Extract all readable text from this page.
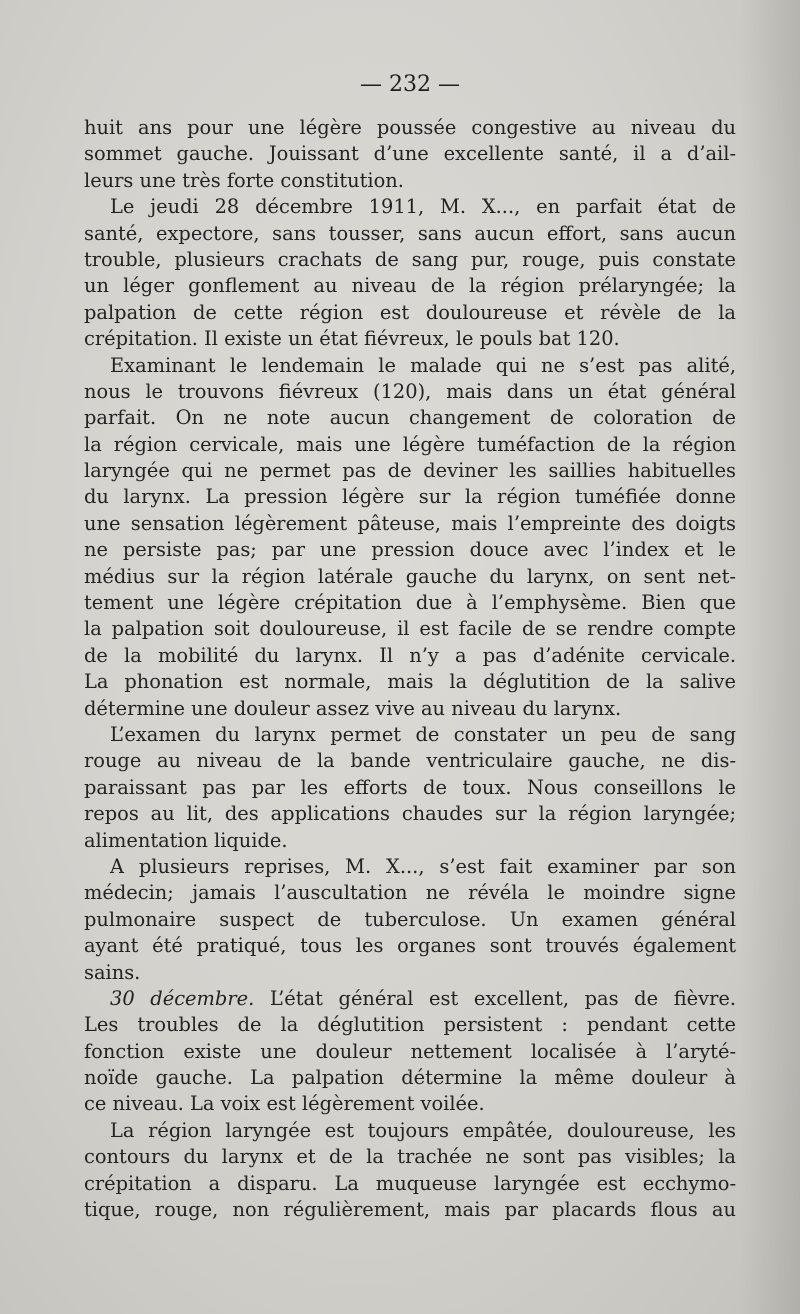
— 232 —
huit ans pour une légère poussée congestive au niveau du
sommet gauche. Jouissant d’une excellente santé, il a d’ail-
leurs une très forte constitution.
Le jeudi 28 décembre 1911, M. X..., en parfait état de
santé, expectore, sans tousser, sans aucun effort, sans aucun
trouble, plusieurs crachats de sang pur, rouge, puis constate
un léger gonflement au niveau de la région prélaryngée; la
palpation de cette région est douloureuse et révèle de la
crépitation. Il existe un état fiévreux, le pouls bat 120.
Examinant le lendemain le malade qui ne s’est pas alité,
nous le trouvons fiévreux (120), mais dans un état général
parfait. On ne note aucun changement de coloration de
la région cervicale, mais une légère tuméfaction de la région
laryngée qui ne permet pas de deviner les saillies habituelles
du larynx. La pression légère sur la région tuméfiée donne
une sensation légèrement pâteuse, mais l’empreinte des doigts
ne persiste pas; par une pression douce avec l’index et le
médius sur la région latérale gauche du larynx, on sent net-
tement une légère crépitation due à l’emphysème. Bien que
la palpation soit douloureuse, il est facile de se rendre compte
de la mobilité du larynx. Il n’y a pas d’adénite cervicale.
La phonation est normale, mais la déglutition de la salive
détermine une douleur assez vive au niveau du larynx.
L’examen du larynx permet de constater un peu de sang
rouge au niveau de la bande ventriculaire gauche, ne dis-
paraissant pas par les efforts de toux. Nous conseillons le
repos au lit, des applications chaudes sur la région laryngée;
alimentation liquide.
A plusieurs reprises, M. X..., s’est fait examiner par son
médecin; jamais l’auscultation ne révéla le moindre signe
pulmonaire suspect de tuberculose. Un examen général
ayant été pratiqué, tous les organes sont trouvés également
sains.
30 décembre. L’état général est excellent, pas de fièvre.
Les troubles de la déglutition persistent : pendant cette
fonction existe une douleur nettement localisée à l’aryté-
noïde gauche. La palpation détermine la même douleur à
ce niveau. La voix est légèrement voilée.
La région laryngée est toujours empâtée, douloureuse, les
contours du larynx et de la trachée ne sont pas visibles; la
crépitation a disparu. La muqueuse laryngée est ecchymo-
tique, rouge, non régulièrement, mais par placards flous au
